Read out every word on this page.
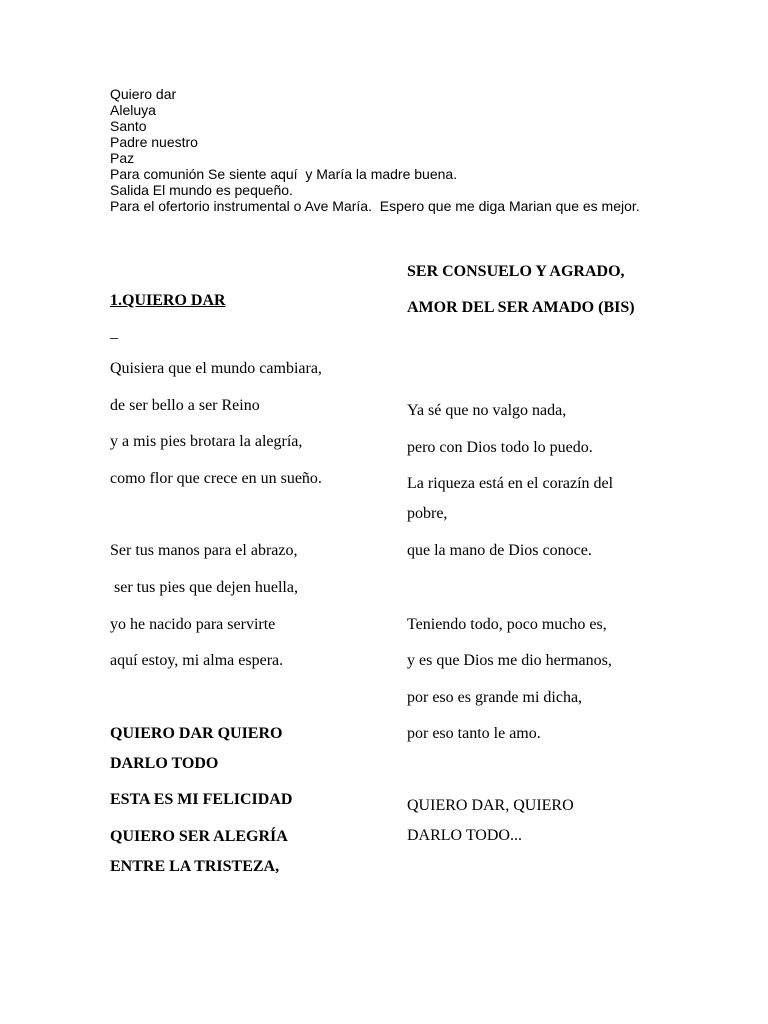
Quiero dar
Aleluya
Santo
Padre nuestro
Paz
Para comunión Se siente aquí  y María la madre buena.
Salida El mundo es pequeño.
Para el ofertorio instrumental o Ave María.  Espero que me diga Marian que es mejor.
1.QUIERO DAR
_
Quisiera que el mundo cambiara,
de ser bello a ser Reino
y a mis pies brotara la alegría,
como flor que crece en un sueño.
Ser tus manos para el abrazo,
ser tus pies que dejen huella,
yo he nacido para servirte
aquí estoy, mi alma espera.
QUIERO DAR QUIERO DARLO TODO
ESTA ES MI FELICIDAD
QUIERO SER ALEGRÍA ENTRE LA TRISTEZA,
SER CONSUELO Y AGRADO,
AMOR DEL SER AMADO (BIS)
Ya sé que no valgo nada,
pero con Dios todo lo puedo.
La riqueza está en el corazín del pobre,
que la mano de Dios conoce.
Teniendo todo, poco mucho es,
y es que Dios me dio hermanos,
por eso es grande mi dicha,
por eso tanto le amo.
QUIERO DAR, QUIERO DARLO TODO...
